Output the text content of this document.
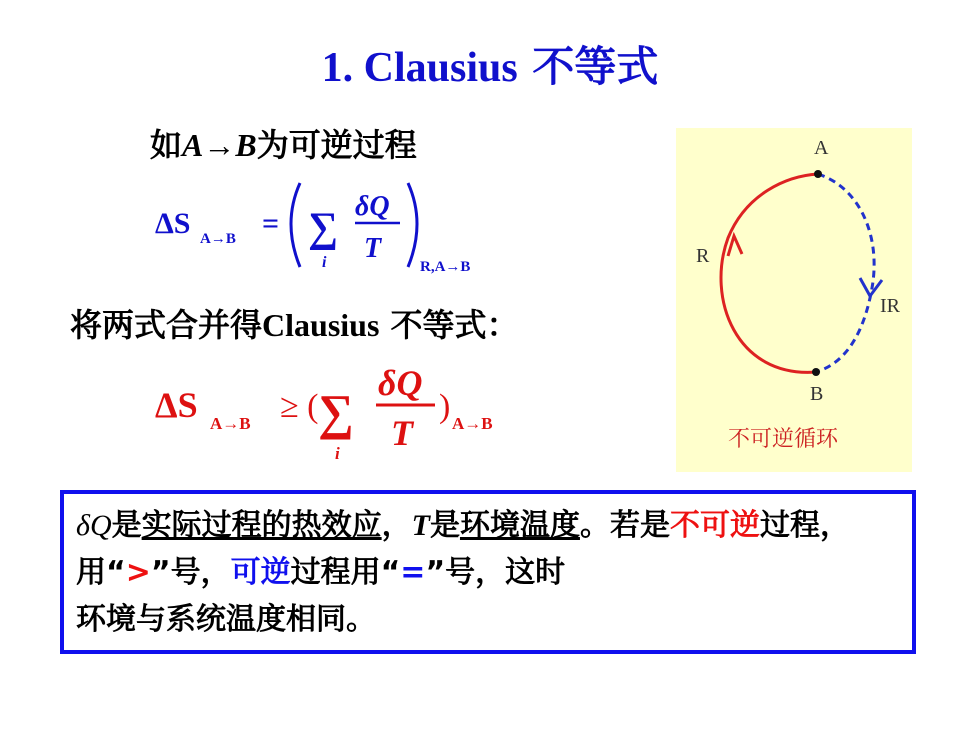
1. Clausius 不等式
如A→B为可逆过程
ΔS A→B = ∑
i
δQ
T
R,A→B
将两式合并得Clausius 不等式：
ΔS A→B ≥ ( ∑
i
δQ
T
) A→B
A
B
R
IR
不可逆循环
δQ是实际过程的热效应，T是环境温度。若是不可逆过程，用“>”号，可逆过程用“=”号，这时
环境与系统温度相同。
